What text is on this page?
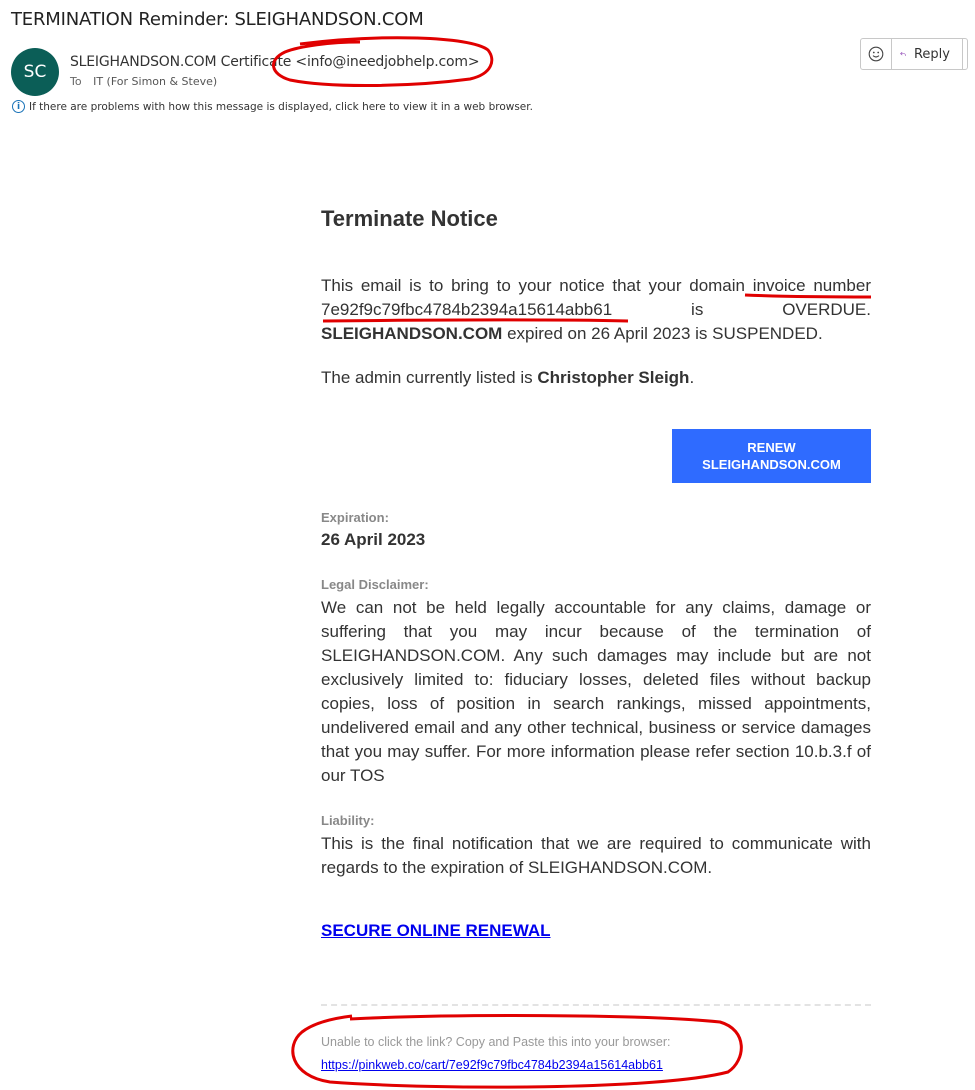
TERMINATION Reminder: SLEIGHANDSON.COM
SC	SLEIGHANDSON.COM Certificate <info@ineedjobhelp.com>
To IT (For Simon & Steve)
i If there are problems with how this message is displayed, click here to view it in a web browser.
Reply
Terminate Notice
This email is to bring to your notice that your domain invoice number 7e92f9c79fbc4784b2394a15614abb61 is OVERDUE. SLEIGHANDSON.COM expired on 26 April 2023 is SUSPENDED.
The admin currently listed is Christopher Sleigh.
RENEW
SLEIGHANDSON.COM
Expiration:
26 April 2023
Legal Disclaimer:
We can not be held legally accountable for any claims, damage or suffering that you may incur because of the termination of SLEIGHANDSON.COM. Any such damages may include but are not exclusively limited to: fiduciary losses, deleted files without backup copies, loss of position in search rankings, missed appointments, undelivered email and any other technical, business or service damages that you may suffer. For more information please refer section 10.b.3.f of our TOS
Liability:
This is the final notification that we are required to communicate with regards to the expiration of SLEIGHANDSON.COM.
SECURE ONLINE RENEWAL
Unable to click the link? Copy and Paste this into your browser:
https://pinkweb.co/cart/7e92f9c79fbc4784b2394a15614abb61
